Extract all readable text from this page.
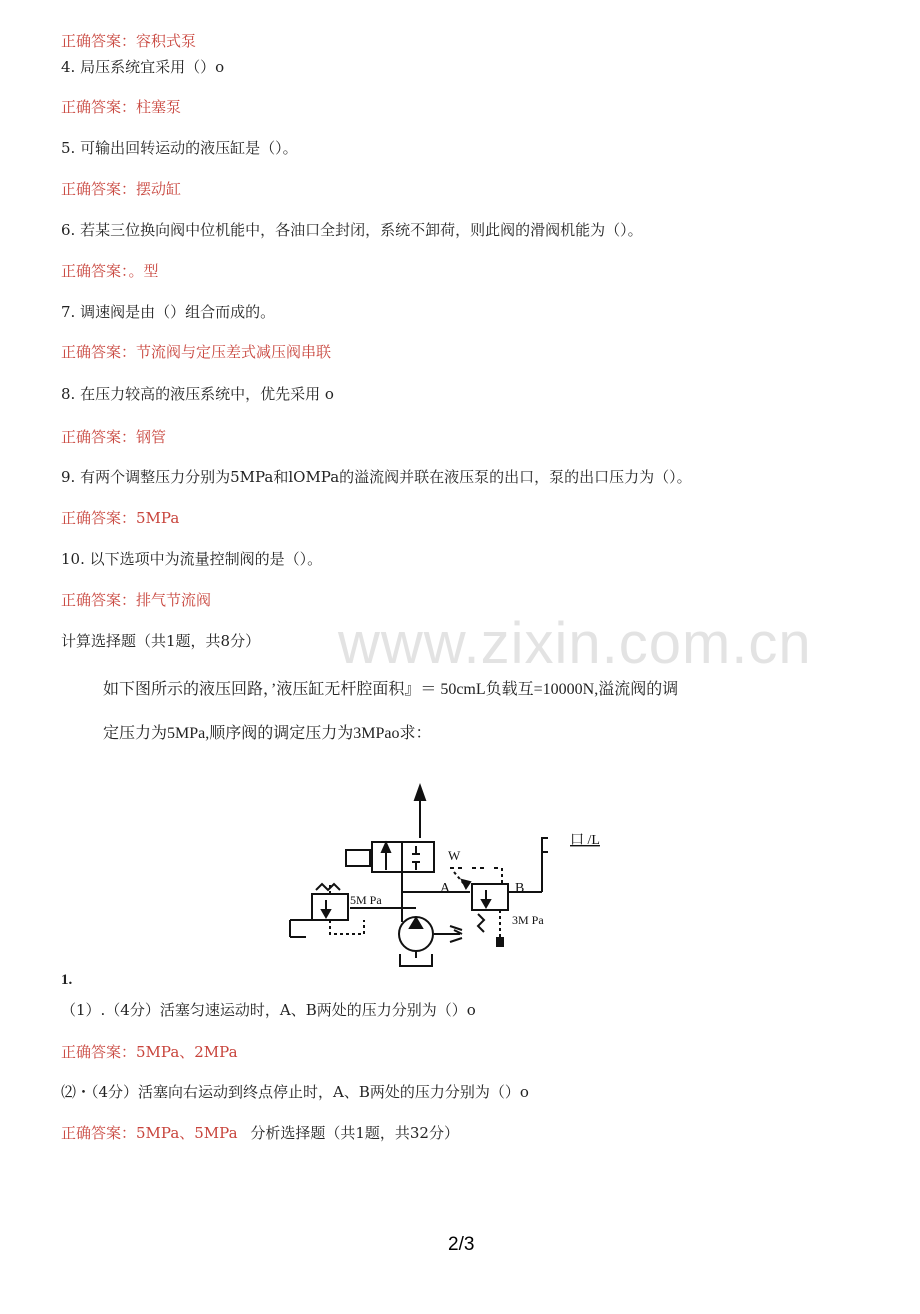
www.zixin.com.cn
正确答案：容积式泵
4. 局压系统宜采用（）o
正确答案：柱塞泵
5. 可输出回转运动的液压缸是（）。
正确答案：摆动缸
6. 若某三位换向阀中位机能中，各油口全封闭，系统不卸荷，则此阀的滑阀机能为（）。
正确答案：。型
7. 调速阀是由（）组合而成的。
正确答案：节流阀与定压差式减压阀串联
8. 在压力较高的液压系统中，优先采用 o
正确答案：钢管
9. 有两个调整压力分别为5MPa和lOMPa的溢流阀并联在液压泵的出口，泵的出口压力为（）。
正确答案：5MPa
10. 以下选项中为流量控制阀的是（）。
正确答案：排气节流阀
计算选择题（共1题，共8分）
如下图所示的液压回路，’液压缸无杆腔面积』＝ 50cmL负载互=10000N,溢流阀的调
定压力为5MPa,顺序阀的调定压力为3MPao求：
W
5M Pa
A	B
3M Pa
口 /L
1.
（1）.（4分）活塞匀速运动时，A、B两处的压力分别为（）o
正确答案：5MPa、2MPa
⑵・（4分）活塞向右运动到终点停止时，A、B两处的压力分别为（）o
正确答案：5MPa、5MPa 分析选择题（共1题，共32分）
2/3
